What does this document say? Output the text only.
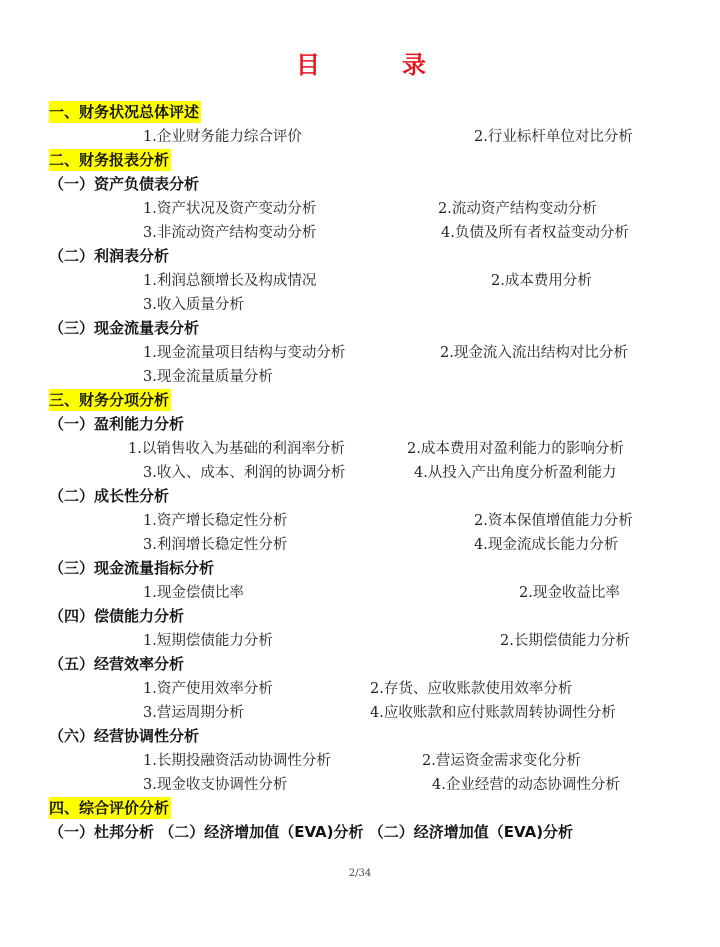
目	录
一、财务状况总体评述
1.企业财务能力综合评价	2.行业标杆单位对比分析
二、财务报表分析
（一）资产负债表分析
1.资产状况及资产变动分析	2.流动资产结构变动分析
3.非流动资产结构变动分析	4.负债及所有者权益变动分析
（二）利润表分析
1.利润总额增长及构成情况	2.成本费用分析
3.收入质量分析
（三）现金流量表分析
1.现金流量项目结构与变动分析	2.现金流入流出结构对比分析
3.现金流量质量分析
三、财务分项分析
（一）盈利能力分析
1.以销售收入为基础的利润率分析	2.成本费用对盈利能力的影响分析
3.收入、成本、利润的协调分析	4.从投入产出角度分析盈利能力
（二）成长性分析
1.资产增长稳定性分析	2.资本保值增值能力分析
3.利润增长稳定性分析	4.现金流成长能力分析
（三）现金流量指标分析
1.现金偿债比率	2.现金收益比率
（四）偿债能力分析
1.短期偿债能力分析	2.长期偿债能力分析
（五）经营效率分析
1.资产使用效率分析	2.存货、应收账款使用效率分析
3.营运周期分析	4.应收账款和应付账款周转协调性分析
（六）经营协调性分析
1.长期投融资活动协调性分析	2.营运资金需求变化分析
3.现金收支协调性分析	4.企业经营的动态协调性分析
四、综合评价分析
（一）杜邦分析 （二）经济增加值（EVA)分析 （二）经济增加值（EVA)分析
2/34
